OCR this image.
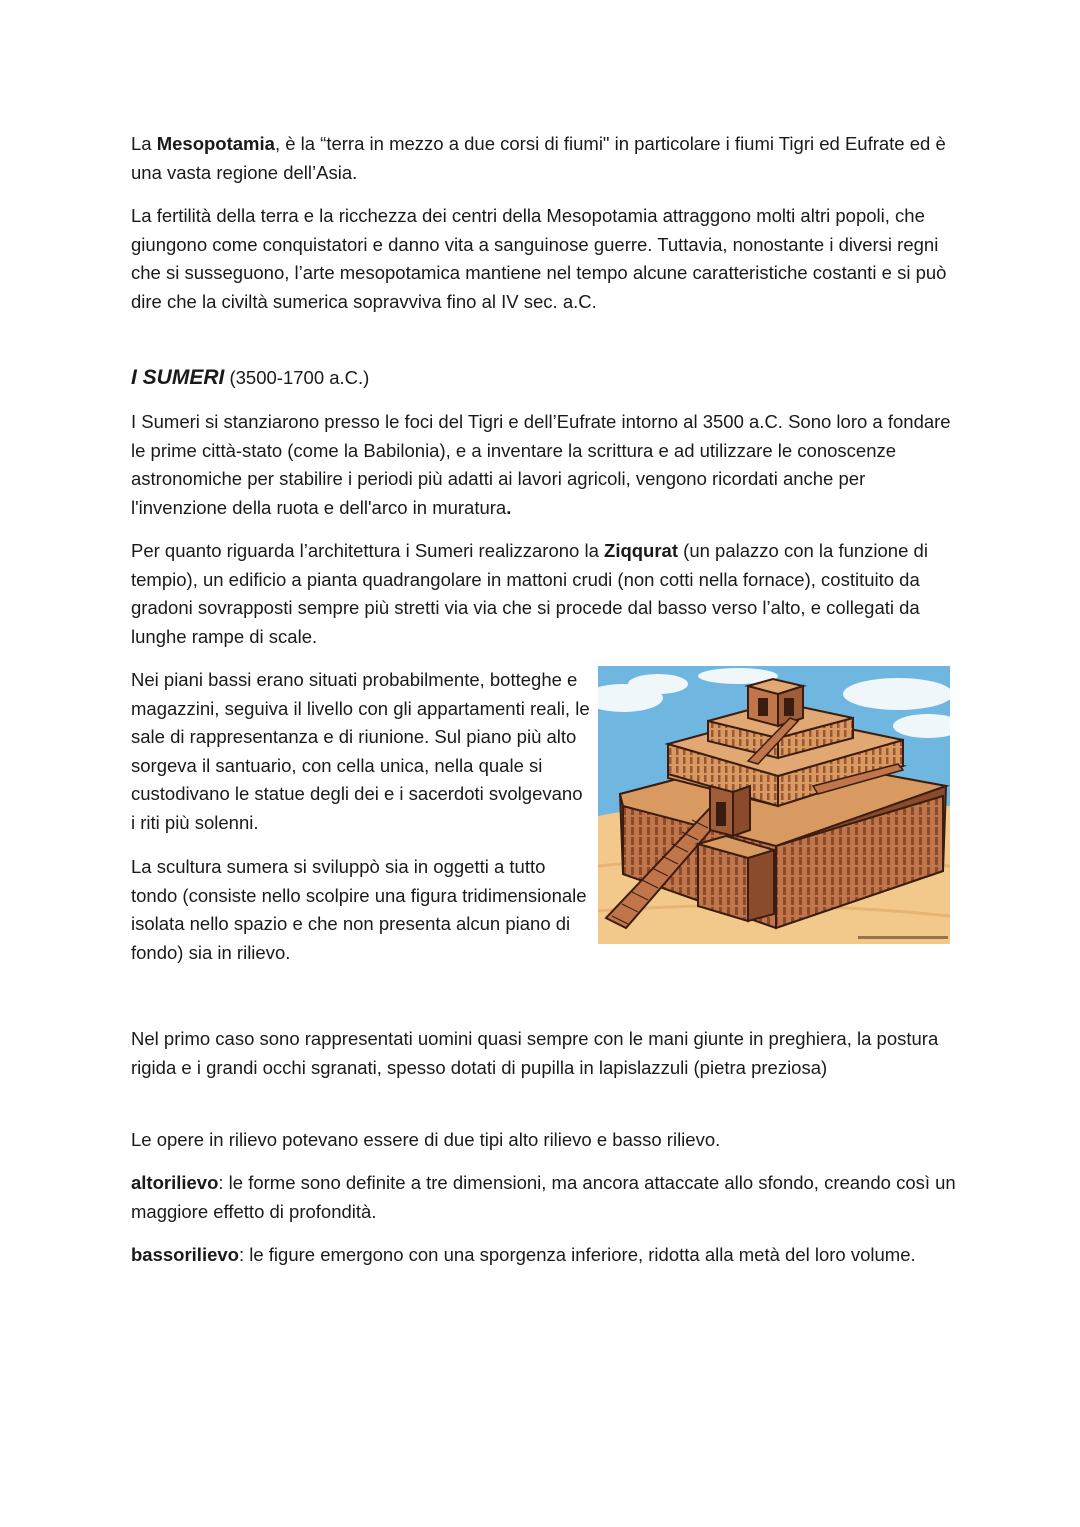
La Mesopotamia, è la “terra in mezzo a due corsi di fiumi" in particolare i fiumi Tigri ed Eufrate ed è una vasta regione dell’Asia.

La fertilità della terra e la ricchezza dei centri della Mesopotamia attraggono molti altri popoli, che giungono come conquistatori e danno vita a sanguinose guerre. Tuttavia, nonostante i diversi regni che si susseguono, l’arte mesopotamica mantiene nel tempo alcune caratteristiche costanti e si può dire che la civiltà sumerica sopravviva fino al IV sec. a.C.

I SUMERI (3500-1700 a.C.)

I Sumeri si stanziarono presso le foci del Tigri e dell’Eufrate intorno al 3500 a.C. Sono loro a fondare le prime città-stato (come la Babilonia), e a inventare la scrittura e ad utilizzare le conoscenze astronomiche per stabilire i periodi più adatti ai lavori agricoli, vengono ricordati anche per l'invenzione della ruota e dell'arco in muratura.

Per quanto riguarda l’architettura i Sumeri realizzarono la Ziqqurat (un palazzo con la funzione di tempio), un edificio a pianta quadrangolare in mattoni crudi (non cotti nella fornace), costituito da gradoni sovrapposti sempre più stretti via via che si procede dal basso verso l’alto, e collegati da lunghe rampe di scale.

Nei piani bassi erano situati probabilmente, botteghe e magazzini, seguiva il livello con gli appartamenti reali, le sale di rappresentanza e di riunione. Sul piano più alto sorgeva il santuario, con cella unica, nella quale si custodivano le statue degli dei e i sacerdoti svolgevano i riti più solenni.

La scultura sumera si sviluppò sia in oggetti a tutto tondo (consiste nello scolpire una figura tridimensionale isolata nello spazio e che non presenta alcun piano di fondo) sia in rilievo.

Nel primo caso sono rappresentati uomini quasi sempre con le mani giunte in preghiera, la postura rigida e i grandi occhi sgranati, spesso dotati di pupilla in lapislazzuli (pietra preziosa)

Le opere in rilievo potevano essere di due tipi alto rilievo e basso rilievo.

altorilievo: le forme sono definite a tre dimensioni, ma ancora attaccate allo sfondo, creando così un maggiore effetto di profondità.

bassorilievo: le figure emergono con una sporgenza inferiore, ridotta alla metà del loro volume.
